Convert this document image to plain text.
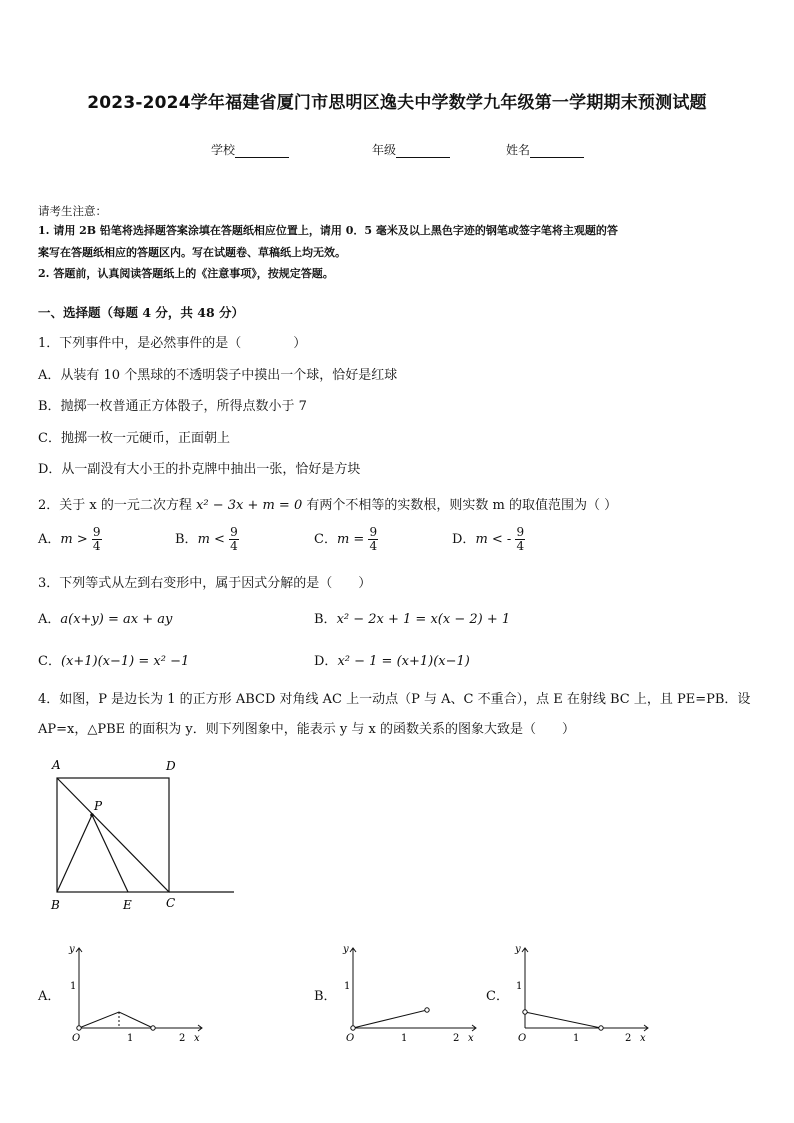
2023-2024学年福建省厦门市思明区逸夫中学数学九年级第一学期期末预测试题
学校	年级	姓名
请考生注意：
1. 请用 2B 铅笔将选择题答案涂填在答题纸相应位置上，请用 0．5 毫米及以上黑色字迹的钢笔或签字笔将主观题的答
案写在答题纸相应的答题区内。写在试题卷、草稿纸上均无效。
2. 答题前，认真阅读答题纸上的《注意事项》，按规定答题。
一、选择题（每题 4 分，共 48 分）
1．下列事件中，是必然事件的是（　　　　）
A．从装有 10 个黑球的不透明袋子中摸出一个球，恰好是红球
B．抛掷一枚普通正方体骰子，所得点数小于 7
C．抛掷一枚一元硬币，正面朝上
D．从一副没有大小王的扑克牌中抽出一张，恰好是方块
2．关于 x 的一元二次方程 x² − 3x + m = 0 有两个不相等的实数根，则实数 m 的取值范围为（ ）
A．$m > \frac{9}{4}$	B．$m < \frac{9}{4}$	C．$m = \frac{9}{4}$	D．m < - $\frac{9}{4}$
3．下列等式从左到右变形中，属于因式分解的是（　　）
A．a(x+y) = ax + ay	B．x² − 2x + 1 = x(x − 2) + 1
C．(x+1)(x−1) = x² −1	D．x² − 1 = (x+1)(x−1)
4．如图，P 是边长为 1 的正方形 ABCD 对角线 AC 上一动点（P 与 A、C 不重合），点 E 在射线 BC 上，且 PE=PB．设
AP=x，△PBE 的面积为 y．则下列图象中，能表示 y 与 x 的函数关系的图象大致是（　　）
A	D
P
B	E	C
A．
y
x
O
1
1	2
B．
y
x
O
1
1	2
C．
y
x
O
1
1	2
